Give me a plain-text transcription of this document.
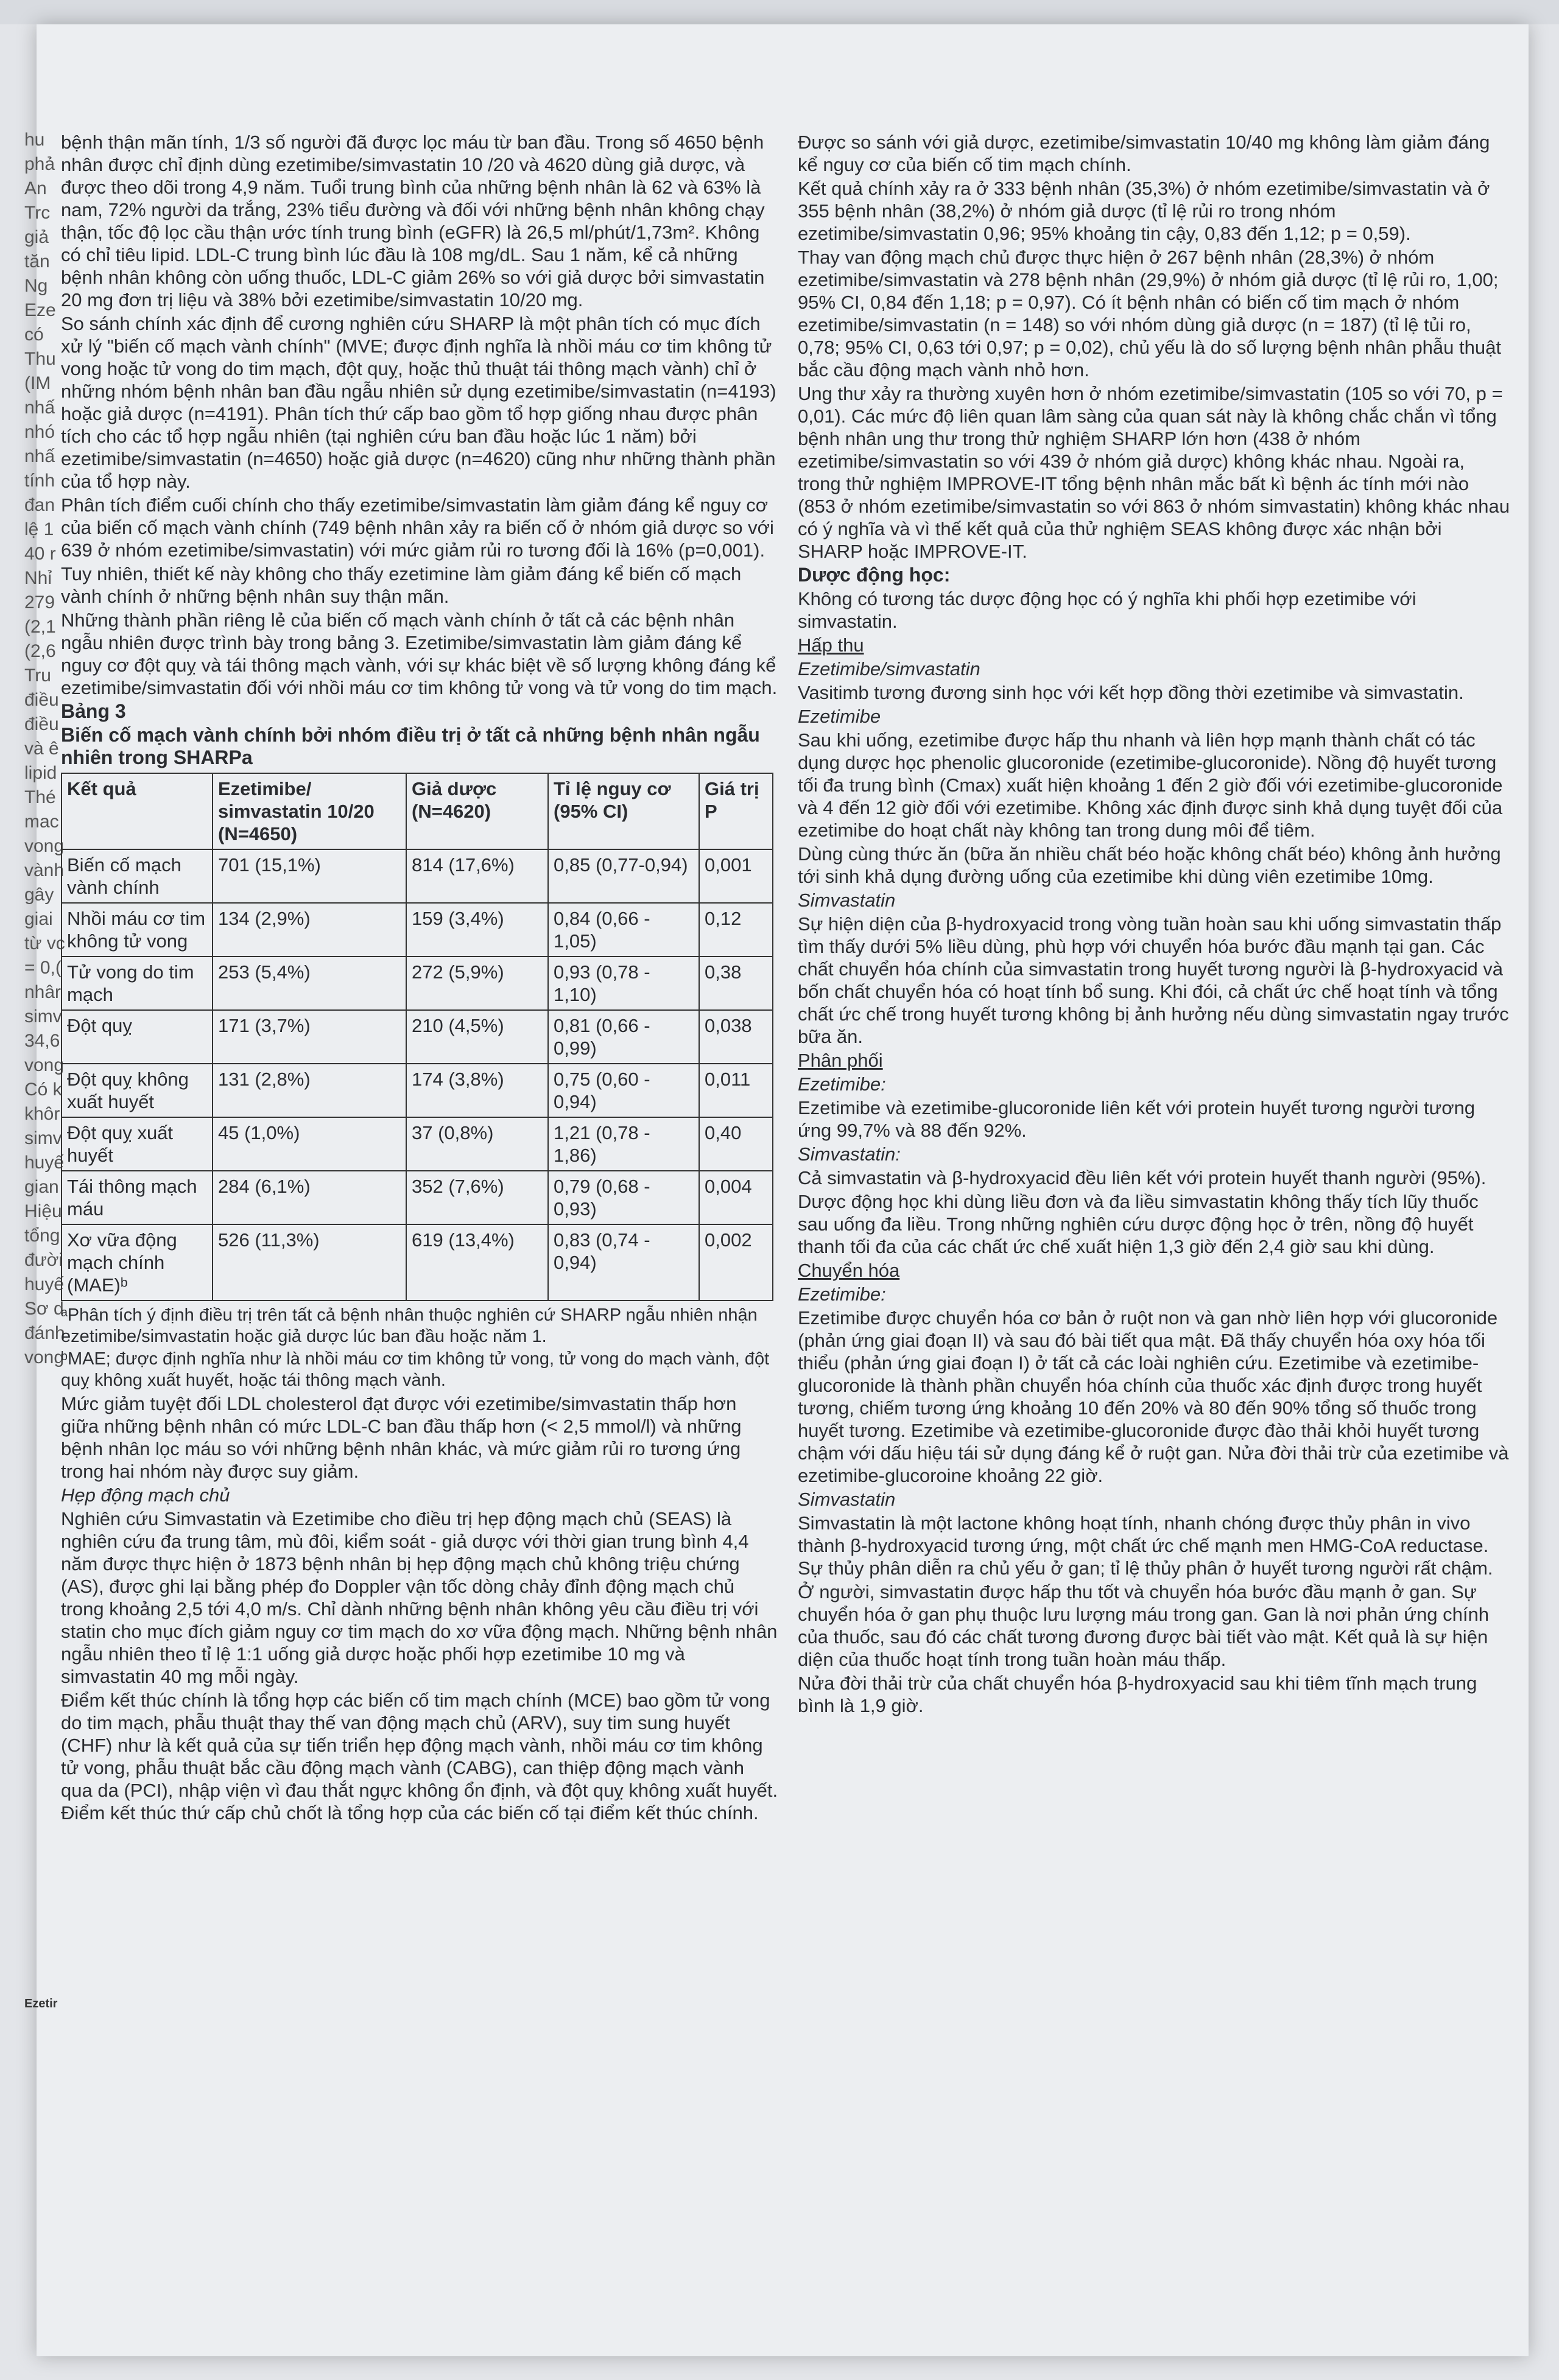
hu
phả
An
Trc
giả
tăn
Ng
Eze
có
Thu
(IM
nhấ
nhó
nhấ
tính
đan
lệ 1
40 r
Nhỉ
279
(2,1
(2,6
Tru
điều
điều
và ê
lipid
Thé
mac
vong
vành
gây
giai
từ vc
= 0,(
nhâr
simv
34,6
vong
Có k
khôr
simv
huyế
gian
Hiệu
tổng
đười
huyế
Sơ d
đánh
vong
Ezetir

bệnh thận mãn tính, 1/3 số người đã được lọc máu từ ban đầu. Trong số 4650 bệnh nhân được chỉ định dùng ezetimibe/simvastatin 10 /20 và 4620 dùng giả dược, và được theo dõi trong 4,9 năm. Tuổi trung bình của những bệnh nhân là 62 và 63% là nam, 72% người da trắng, 23% tiểu đường và đối với những bệnh nhân không chạy thận, tốc độ lọc cầu thận ước tính trung bình (eGFR) là 26,5 ml/phút/1,73m². Không có chỉ tiêu lipid. LDL-C trung bình lúc đầu là 108 mg/dL. Sau 1 năm, kể cả những bệnh nhân không còn uống thuốc, LDL-C giảm 26% so với giả dược bởi simvastatin 20 mg đơn trị liệu và 38% bởi ezetimibe/simvastatin 10/20 mg.

So sánh chính xác định để cương nghiên cứu SHARP là một phân tích có mục đích xử lý "biến cố mạch vành chính" (MVE; được định nghĩa là nhồi máu cơ tim không tử vong hoặc tử vong do tim mạch, đột quỵ, hoặc thủ thuật tái thông mạch vành) chỉ ở những nhóm bệnh nhân ban đầu ngẫu nhiên sử dụng ezetimibe/simvastatin (n=4193) hoặc giả dược (n=4191). Phân tích thứ cấp bao gồm tổ hợp giống nhau được phân tích cho các tổ hợp ngẫu nhiên (tại nghiên cứu ban đầu hoặc lúc 1 năm) bởi ezetimibe/simvastatin (n=4650) hoặc giả dược (n=4620) cũng như những thành phần của tổ hợp này.

Phân tích điểm cuối chính cho thấy ezetimibe/simvastatin làm giảm đáng kể nguy cơ của biến cố mạch vành chính (749 bệnh nhân xảy ra biến cố ở nhóm giả dược so với 639 ở nhóm ezetimibe/simvastatin) với mức giảm rủi ro tương đối là 16% (p=0,001).

Tuy nhiên, thiết kế này không cho thấy ezetimine làm giảm đáng kể biến cố mạch vành chính ở những bệnh nhân suy thận mãn.

Những thành phần riêng lẻ của biến cố mạch vành chính ở tất cả các bệnh nhân ngẫu nhiên được trình bày trong bảng 3. Ezetimibe/simvastatin làm giảm đáng kể nguy cơ đột quỵ và tái thông mạch vành, với sự khác biệt về số lượng không đáng kể ezetimibe/simvastatin đối với nhồi máu cơ tim không tử vong và tử vong do tim mạch.

Bảng 3

Biến cố mạch vành chính bởi nhóm điều trị ở tất cả những bệnh nhân ngẫu nhiên trong SHARPa

Kết quả	Ezetimibe/ simvastatin 10/20 (N=4650)	Giả dược (N=4620)	Tỉ lệ nguy cơ (95% CI)	Giá trị P
Biến cố mạch vành chính	701 (15,1%)	814 (17,6%)	0,85 (0,77-0,94)	0,001
Nhồi máu cơ tim không tử vong	134 (2,9%)	159 (3,4%)	0,84 (0,66 - 1,05)	0,12
Tử vong do tim mạch	253 (5,4%)	272 (5,9%)	0,93 (0,78 - 1,10)	0,38
Đột quỵ	171 (3,7%)	210 (4,5%)	0,81 (0,66 - 0,99)	0,038
Đột quỵ không xuất huyết	131 (2,8%)	174 (3,8%)	0,75 (0,60 - 0,94)	0,011
Đột quỵ xuất huyết	45 (1,0%)	37 (0,8%)	1,21 (0,78 - 1,86)	0,40
Tái thông mạch máu	284 (6,1%)	352 (7,6%)	0,79 (0,68 - 0,93)	0,004
Xơ vữa động mạch chính (MAE)ᵇ	526 (11,3%)	619 (13,4%)	0,83 (0,74 - 0,94)	0,002

ᵃPhân tích ý định điều trị trên tất cả bệnh nhân thuộc nghiên cứ SHARP ngẫu nhiên nhận ezetimibe/simvastatin hoặc giả dược lúc ban đầu hoặc năm 1.

ᵇMAE; được định nghĩa như là nhồi máu cơ tim không tử vong, tử vong do mạch vành, đột quỵ không xuất huyết, hoặc tái thông mạch vành.

Mức giảm tuyệt đối LDL cholesterol đạt được với ezetimibe/simvastatin thấp hơn giữa những bệnh nhân có mức LDL-C ban đầu thấp hơn (< 2,5 mmol/l) và những bệnh nhân lọc máu so với những bệnh nhân khác, và mức giảm rủi ro tương ứng trong hai nhóm này được suy giảm.

Hẹp động mạch chủ

Nghiên cứu Simvastatin và Ezetimibe cho điều trị hẹp động mạch chủ (SEAS) là nghiên cứu đa trung tâm, mù đôi, kiểm soát - giả dược với thời gian trung bình 4,4 năm được thực hiện ở 1873 bệnh nhân bị hẹp động mạch chủ không triệu chứng (AS), được ghi lại bằng phép đo Doppler vận tốc dòng chảy đỉnh động mạch chủ trong khoảng 2,5 tới 4,0 m/s. Chỉ dành những bệnh nhân không yêu cầu điều trị với statin cho mục đích giảm nguy cơ tim mạch do xơ vữa động mạch. Những bệnh nhân ngẫu nhiên theo tỉ lệ 1:1 uống giả dược hoặc phối hợp ezetimibe 10 mg và simvastatin 40 mg mỗi ngày.

Điểm kết thúc chính là tổng hợp các biến cố tim mạch chính (MCE) bao gồm tử vong do tim mạch, phẫu thuật thay thế van động mạch chủ (ARV), suy tim sung huyết (CHF) như là kết quả của sự tiến triển hẹp động mạch vành, nhồi máu cơ tim không tử vong, phẫu thuật bắc cầu động mạch vành (CABG), can thiệp động mạch vành qua da (PCI), nhập viện vì đau thắt ngực không ổn định, và đột quỵ không xuất huyết. Điểm kết thúc thứ cấp chủ chốt là tổng hợp của các biến cố tại điểm kết thúc chính.

Được so sánh với giả dược, ezetimibe/simvastatin 10/40 mg không làm giảm đáng kể nguy cơ của biến cố tim mạch chính.

Kết quả chính xảy ra ở 333 bệnh nhân (35,3%) ở nhóm ezetimibe/simvastatin và ở 355 bệnh nhân (38,2%) ở nhóm giả dược (tỉ lệ rủi ro trong nhóm ezetimibe/simvastatin 0,96; 95% khoảng tin cậy, 0,83 đến 1,12; p = 0,59).

Thay van động mạch chủ được thực hiện ở 267 bệnh nhân (28,3%) ở nhóm ezetimibe/simvastatin và 278 bệnh nhân (29,9%) ở nhóm giả dược (tỉ lệ rủi ro, 1,00; 95% CI, 0,84 đến 1,18; p = 0,97). Có ít bệnh nhân có biến cố tim mạch ở nhóm ezetimibe/simvastatin (n = 148) so với nhóm dùng giả dược (n = 187) (tỉ lệ tủi ro, 0,78; 95% CI, 0,63 tới 0,97; p = 0,02), chủ yếu là do số lượng bệnh nhân phẫu thuật bắc cầu động mạch vành nhỏ hơn.

Ung thư xảy ra thường xuyên hơn ở nhóm ezetimibe/simvastatin (105 so với 70, p = 0,01). Các mức độ liên quan lâm sàng của quan sát này là không chắc chắn vì tổng bệnh nhân ung thư trong thử nghiệm SHARP lớn hơn (438 ở nhóm ezetimibe/simvastatin so với 439 ở nhóm giả dược) không khác nhau. Ngoài ra, trong thử nghiệm IMPROVE-IT tổng bệnh nhân mắc bất kì bệnh ác tính mới nào (853 ở nhóm ezetimibe/simvastatin so với 863 ở nhóm simvastatin) không khác nhau có ý nghĩa và vì thế kết quả của thử nghiệm SEAS không được xác nhận bởi SHARP hoặc IMPROVE-IT.

Dược động học:

Không có tương tác dược động học có ý nghĩa khi phối hợp ezetimibe với simvastatin.

Hấp thu

Ezetimibe/simvastatin

Vasitimb tương đương sinh học với kết hợp đồng thời ezetimibe và simvastatin.

Ezetimibe

Sau khi uống, ezetimibe được hấp thu nhanh và liên hợp mạnh thành chất có tác dụng dược học phenolic glucoronide (ezetimibe-glucoronide). Nồng độ huyết tương tối đa trung bình (Cmax) xuất hiện khoảng 1 đến 2 giờ đối với ezetimibe-glucoronide và 4 đến 12 giờ đối với ezetimibe. Không xác định được sinh khả dụng tuyệt đối của ezetimibe do hoạt chất này không tan trong dung môi để tiêm.

Dùng cùng thức ăn (bữa ăn nhiều chất béo hoặc không chất béo) không ảnh hưởng tới sinh khả dụng đường uống của ezetimibe khi dùng viên ezetimibe 10mg.

Simvastatin

Sự hiện diện của β-hydroxyacid trong vòng tuần hoàn sau khi uống simvastatin thấp tìm thấy dưới 5% liều dùng, phù hợp với chuyển hóa bước đầu mạnh tại gan. Các chất chuyển hóa chính của simvastatin trong huyết tương người là β-hydroxyacid và bốn chất chuyển hóa có hoạt tính bổ sung. Khi đói, cả chất ức chế hoạt tính và tổng chất ức chế trong huyết tương không bị ảnh hưởng nếu dùng simvastatin ngay trước bữa ăn.

Phân phối

Ezetimibe:

Ezetimibe và ezetimibe-glucoronide liên kết với protein huyết tương người tương ứng 99,7% và 88 đến 92%.

Simvastatin:

Cả simvastatin và β-hydroxyacid đều liên kết với protein huyết thanh người (95%).

Dược động học khi dùng liều đơn và đa liều simvastatin không thấy tích lũy thuốc sau uống đa liều. Trong những nghiên cứu dược động học ở trên, nồng độ huyết thanh tối đa của các chất ức chế xuất hiện 1,3 giờ đến 2,4 giờ sau khi dùng.

Chuyển hóa

Ezetimibe:

Ezetimibe được chuyển hóa cơ bản ở ruột non và gan nhờ liên hợp với glucoronide (phản ứng giai đoạn II) và sau đó bài tiết qua mật. Đã thấy chuyển hóa oxy hóa tối thiểu (phản ứng giai đoạn I) ở tất cả các loài nghiên cứu. Ezetimibe và ezetimibe-glucoronide là thành phần chuyển hóa chính của thuốc xác định được trong huyết tương, chiếm tương ứng khoảng 10 đến 20% và 80 đến 90% tổng số thuốc trong huyết tương. Ezetimibe và ezetimibe-glucoronide được đào thải khỏi huyết tương chậm với dấu hiệu tái sử dụng đáng kể ở ruột gan. Nửa đời thải trừ của ezetimibe và ezetimibe-glucoroine khoảng 22 giờ.

Simvastatin

Simvastatin là một lactone không hoạt tính, nhanh chóng được thủy phân in vivo thành β-hydroxyacid tương ứng, một chất ức chế mạnh men HMG-CoA reductase. Sự thủy phân diễn ra chủ yếu ở gan; tỉ lệ thủy phân ở huyết tương người rất chậm.

Ở người, simvastatin được hấp thu tốt và chuyển hóa bước đầu mạnh ở gan. Sự chuyển hóa ở gan phụ thuộc lưu lượng máu trong gan. Gan là nơi phản ứng chính của thuốc, sau đó các chất tương đương được bài tiết vào mật. Kết quả là sự hiện diện của thuốc hoạt tính trong tuần hoàn máu thấp.

Nửa đời thải trừ của chất chuyển hóa β-hydroxyacid sau khi tiêm tĩnh mạch trung bình là 1,9 giờ.
